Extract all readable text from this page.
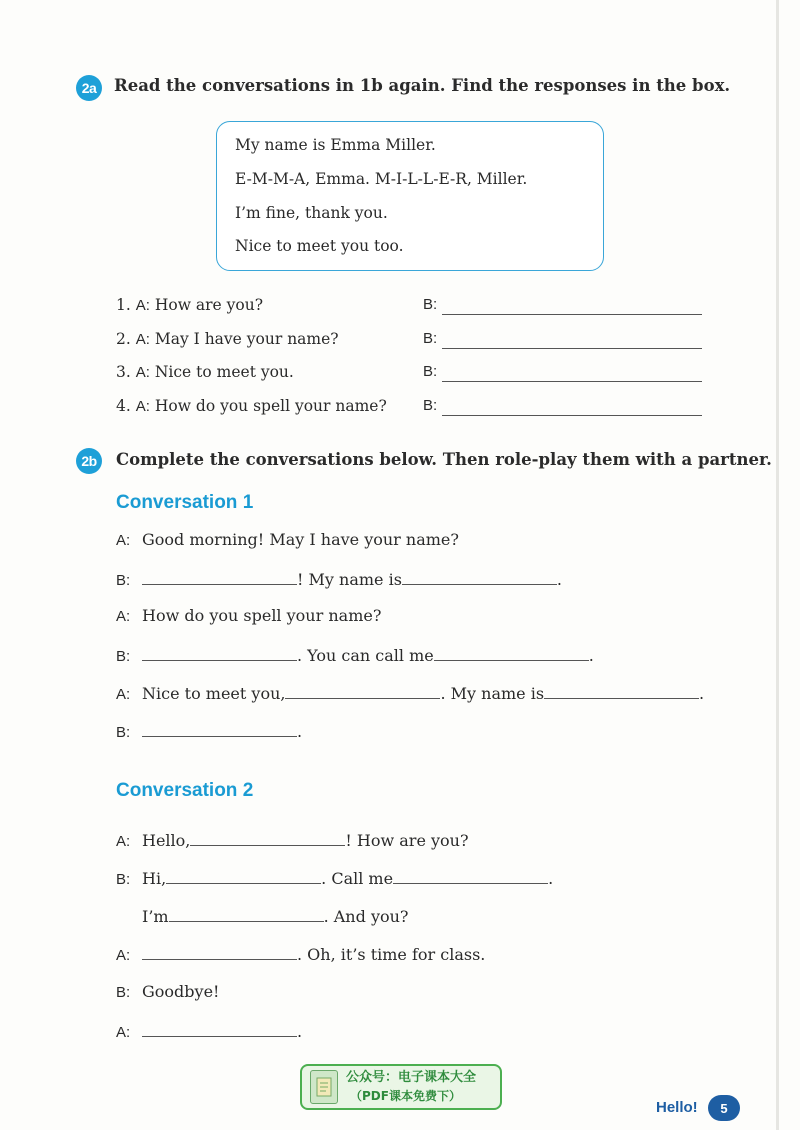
2a	Read the conversations in 1b again. Find the responses in the box.
My name is Emma Miller.
E-M-M-A, Emma. M-I-L-L-E-R, Miller.
I’m fine, thank you.
Nice to meet you too.
1. A: How are you?	B:
2. A: May I have your name?	B:
3. A: Nice to meet you.	B:
4. A: How do you spell your name? B:
2b	Complete the conversations below. Then role-play them with a partner.
Conversation 1
A: Good morning! May I have your name?
B:	! My name is	.
A: How do you spell your name?
B:	. You can call me	.
A: Nice to meet you,	. My name is	.
B:	.
Conversation 2
A: Hello,	! How are you?
B: Hi,	. Call me	.
I’m	. And you?
A:	. Oh, it’s time for class.
B: Goodbye!
A:	.
公众号：电子课本大全
（PDF课本免费下）
Hello!	5
